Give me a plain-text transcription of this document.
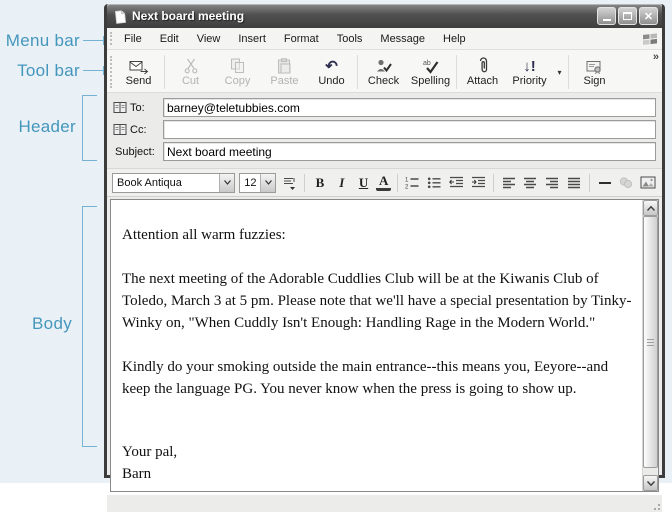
Menu bar
Tool bar
Header
Body
Next board meeting	✕
File	Edit	View	Insert	Format	Tools	Message	Help
Send	Cut Copy Paste
↶
Undo Check
ab
Spelling Attach
↓!
Priority
▾
Sign
»
To:
barney@teletubbies.com
Cc:
Subject:
Next board meeting
Book Antiqua	12	B	I	U A	1
2
Attention all warm fuzzies:
The next meeting of the Adorable Cuddlies Club will be at the Kiwanis Club of Toledo, March 3 at 5 pm. Please note that we'll have a special presentation by Tinky-Winky on, "When Cuddly Isn't Enough: Handling Rage in the Modern World."
Kindly do your smoking outside the main entrance--this means you, Eeyore--and keep the language PG. You never know when the press is going to show up.
Your pal,
Barn
